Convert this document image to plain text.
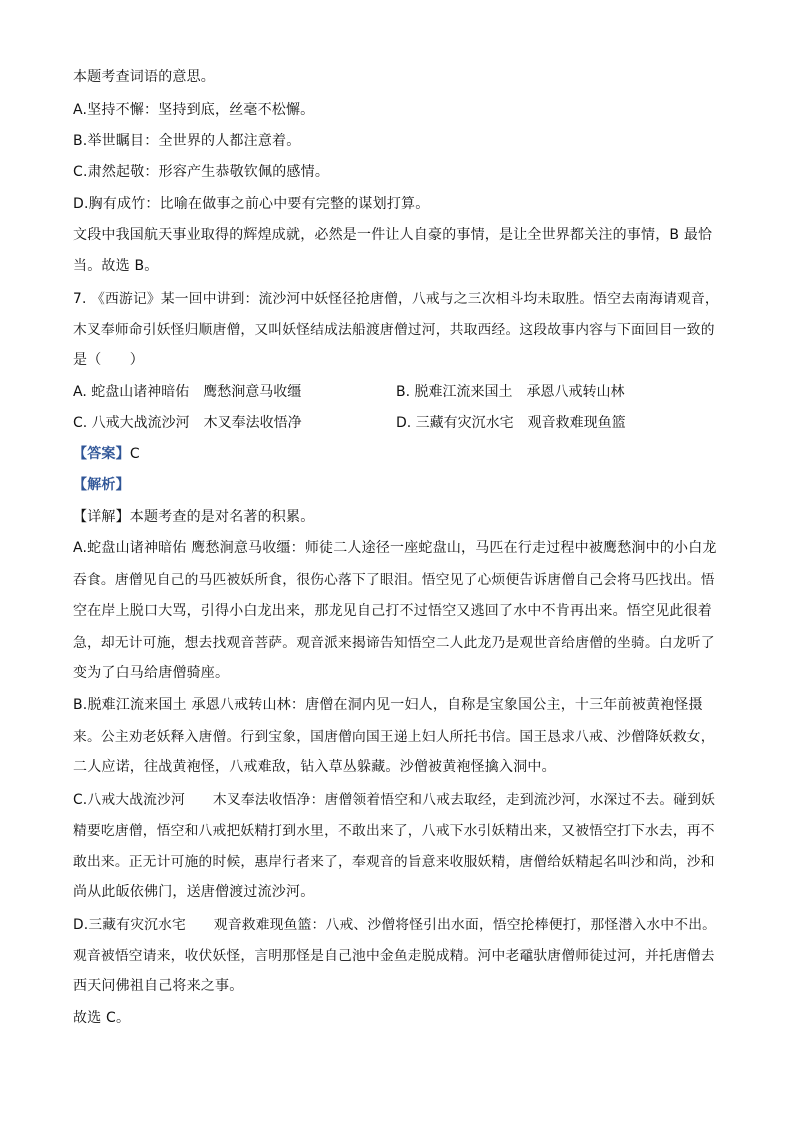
本题考查词语的意思。
A.坚持不懈：坚持到底，丝毫不松懈。
B.举世瞩目：全世界的人都注意着。
C.肃然起敬：形容产生恭敬钦佩的感情。
D.胸有成竹：比喻在做事之前心中要有完整的谋划打算。
文段中我国航天事业取得的辉煌成就，必然是一件让人自豪的事情，是让全世界都关注的事情，B 最恰
当。故选 B。
7. 《西游记》某一回中讲到：流沙河中妖怪径抢唐僧，八戒与之三次相斗均未取胜。悟空去南海请观音，
木叉奉师命引妖怪归顺唐僧，又叫妖怪结成法船渡唐僧过河，共取西经。这段故事内容与下面回目一致的
是（　　）
A. 蛇盘山诸神暗佑　鹰愁涧意马收缰	B. 脱难江流来国土　承恩八戒转山林
C. 八戒大战流沙河　木叉奉法收悟净	D. 三藏有灾沉水宅　观音救难现鱼篮
【答案】C
【解析】
【详解】本题考查的是对名著的积累。
A.蛇盘山诸神暗佑 鹰愁涧意马收缰：师徒二人途径一座蛇盘山，马匹在行走过程中被鹰愁涧中的小白龙
吞食。唐僧见自己的马匹被妖所食，很伤心落下了眼泪。悟空见了心烦便告诉唐僧自己会将马匹找出。悟
空在岸上脱口大骂，引得小白龙出来，那龙见自己打不过悟空又逃回了水中不肯再出来。悟空见此很着
急，却无计可施，想去找观音菩萨。观音派来揭谛告知悟空二人此龙乃是观世音给唐僧的坐骑。白龙听了
变为了白马给唐僧骑座。
B.脱难江流来国土 承恩八戒转山林：唐僧在洞内见一妇人，自称是宝象国公主，十三年前被黄袍怪摄
来。公主劝老妖释入唐僧。行到宝象，国唐僧向国王递上妇人所托书信。国王恳求八戒、沙僧降妖救女，
二人应诺，往战黄袍怪，八戒难敌，钻入草丛躲藏。沙僧被黄袍怪擒入洞中。
C.八戒大战流沙河　　木叉奉法收悟净：唐僧领着悟空和八戒去取经，走到流沙河，水深过不去。碰到妖
精要吃唐僧，悟空和八戒把妖精打到水里，不敢出来了，八戒下水引妖精出来，又被悟空打下水去，再不
敢出来。正无计可施的时候，惠岸行者来了，奉观音的旨意来收服妖精，唐僧给妖精起名叫沙和尚，沙和
尚从此皈依佛门，送唐僧渡过流沙河。
D.三藏有灾沉水宅　　观音救难现鱼篮：八戒、沙僧将怪引出水面，悟空抡棒便打，那怪潜入水中不出。
观音被悟空请来，收伏妖怪，言明那怪是自己池中金鱼走脱成精。河中老黿驮唐僧师徒过河，并托唐僧去
西天问佛祖自己将来之事。
故选 C。
